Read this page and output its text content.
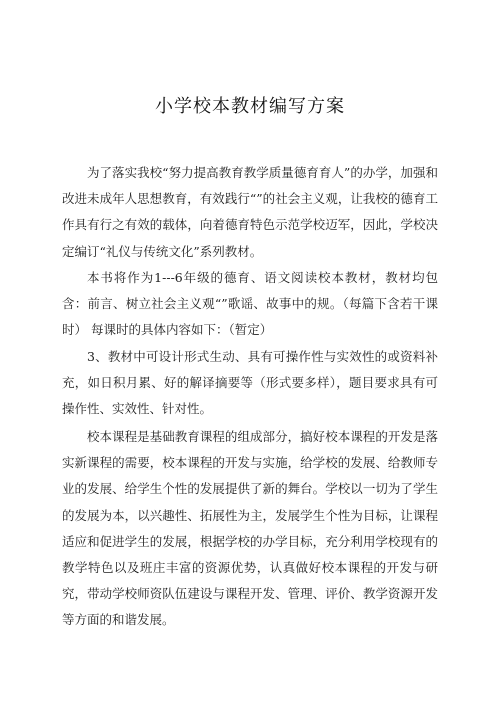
小学校本教材编写方案

为了落实我校“努力提高教育教学质量德育育人”的办学，加强和改进未成年人思想教育，有效践行“”的社会主义观，让我校的德育工作具有行之有效的载体，向着德育特色示范学校迈军，因此，学校决定编订“礼仪与传统文化”系列教材。

本书将作为1---6年级的德育、语文阅读校本教材，教材均包含：前言、树立社会主义观“”歌谣、故事中的规。（每篇下含若干课时） 每课时的具体内容如下：（暂定）

3、教材中可设计形式生动、具有可操作性与实效性的或资料补充，如日积月累、好的解译摘要等（形式要多样），题目要求具有可操作性、实效性、针对性。

校本课程是基础教育课程的组成部分，搞好校本课程的开发是落实新课程的需要，校本课程的开发与实施，给学校的发展、给教师专业的发展、给学生个性的发展提供了新的舞台。学校以一切为了学生的发展为本，以兴趣性、拓展性为主，发展学生个性为目标，让课程适应和促进学生的发展，根据学校的办学目标，充分利用学校现有的教学特色以及班庄丰富的资源优势，认真做好校本课程的开发与研究，带动学校师资队伍建设与课程开发、管理、评价、教学资源开发等方面的和谐发展。
